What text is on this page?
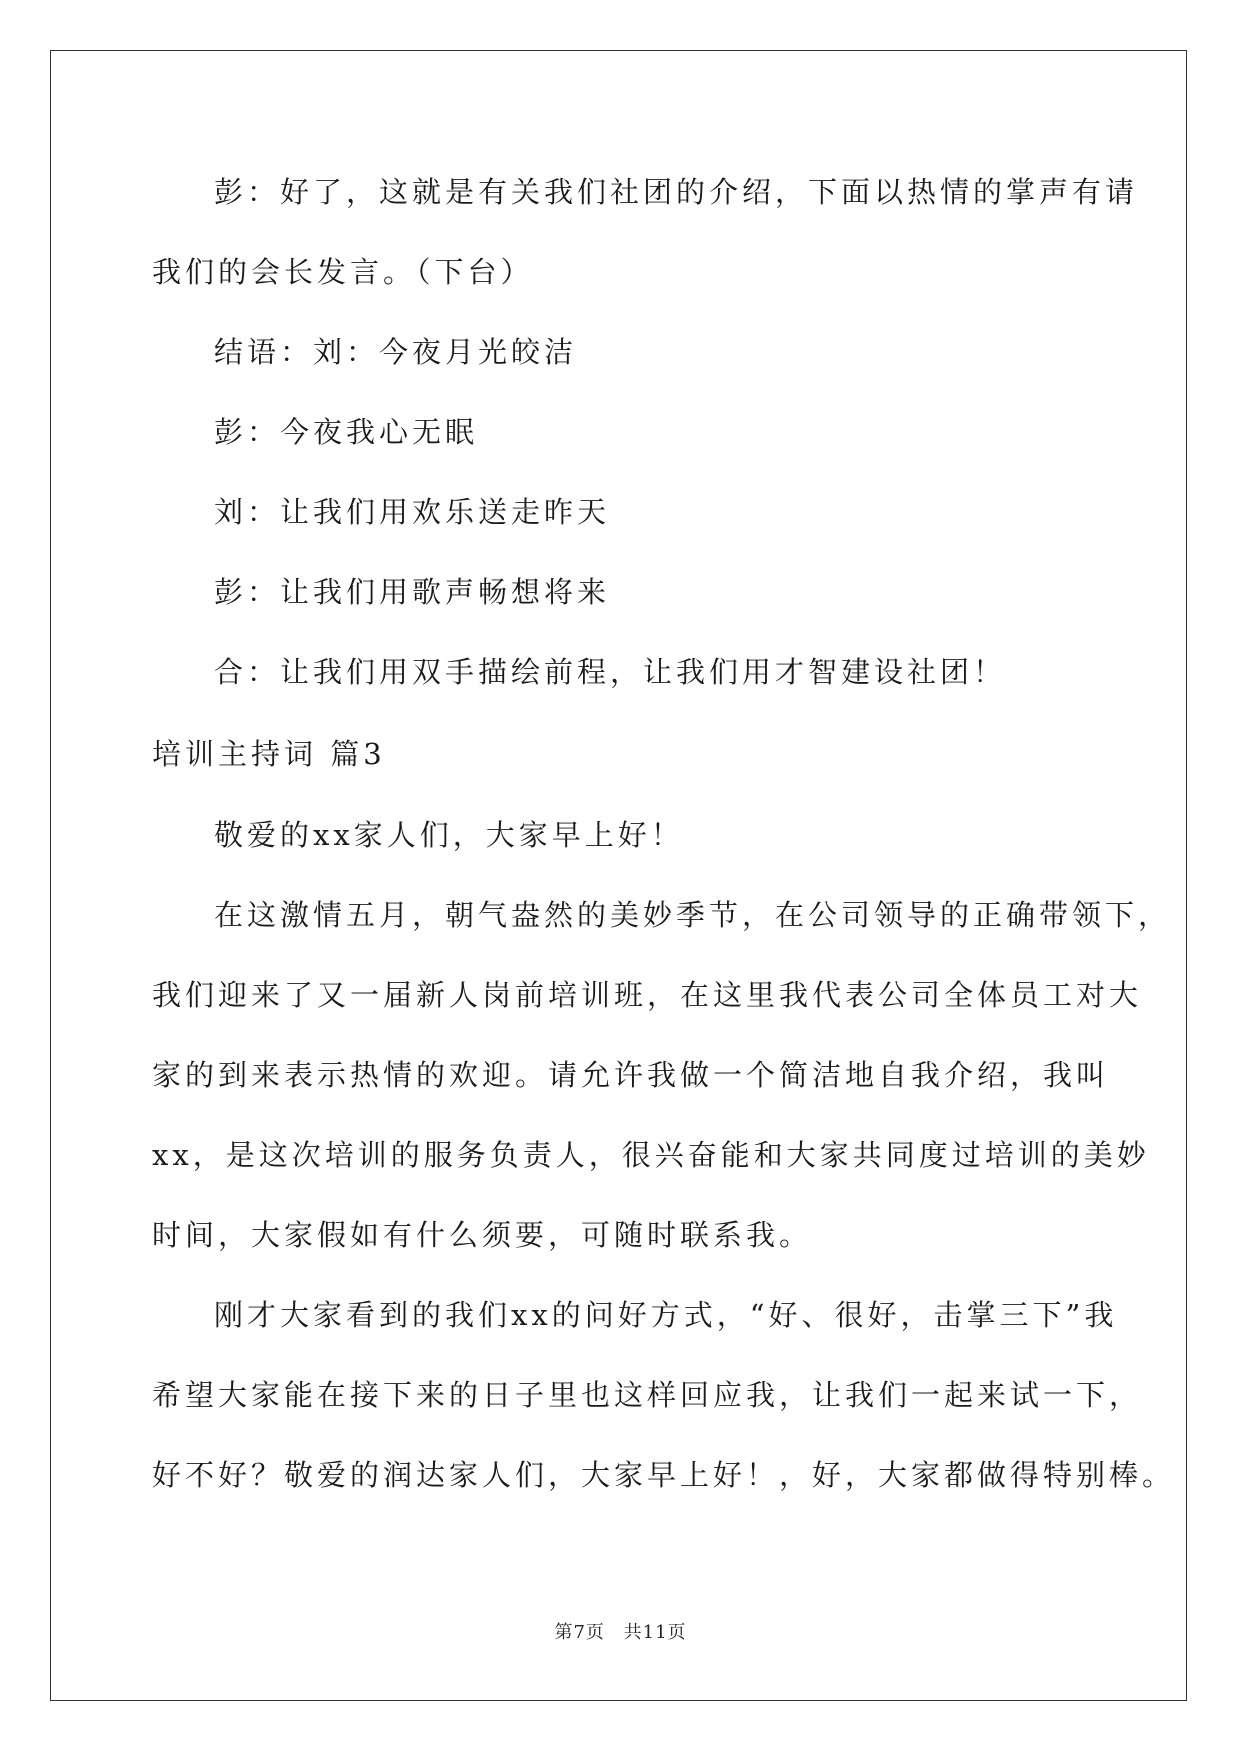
彭：好了，这就是有关我们社团的介绍，下面以热情的掌声有请
我们的会长发言。（下台）
结语：刘：今夜月光皎洁
彭：今夜我心无眠
刘：让我们用欢乐送走昨天
彭：让我们用歌声畅想将来
合：让我们用双手描绘前程，让我们用才智建设社团！
培训主持词 篇3
敬爱的xx家人们，大家早上好！
在这激情五月，朝气盎然的美妙季节，在公司领导的正确带领下，
我们迎来了又一届新人岗前培训班，在这里我代表公司全体员工对大
家的到来表示热情的欢迎。请允许我做一个简洁地自我介绍，我叫
xx，是这次培训的服务负责人，很兴奋能和大家共同度过培训的美妙
时间，大家假如有什么须要，可随时联系我。
刚才大家看到的我们xx的问好方式，“好、很好，击掌三下”我
希望大家能在接下来的日子里也这样回应我，让我们一起来试一下，
好不好？敬爱的润达家人们，大家早上好！，好，大家都做得特别棒。
第7页 共11页
